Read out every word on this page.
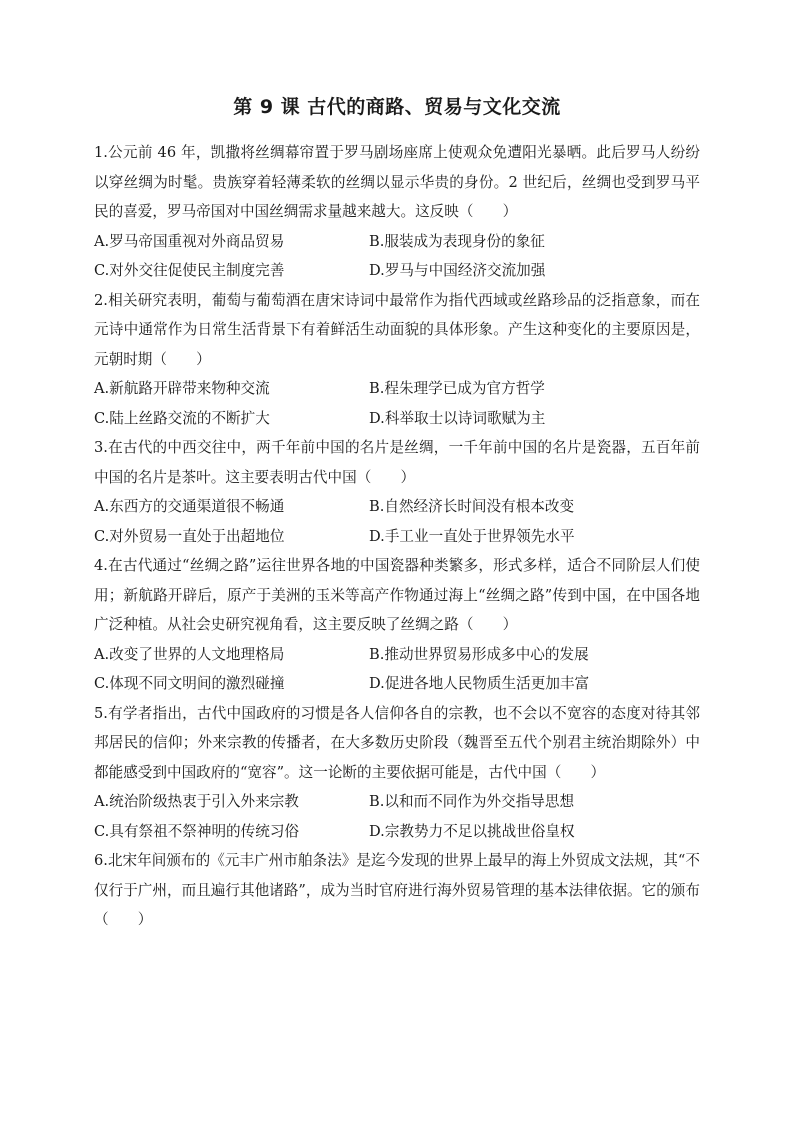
第 9 课 古代的商路、贸易与文化交流

1.公元前 46 年，凯撒将丝绸幕帘置于罗马剧场座席上使观众免遭阳光暴晒。此后罗马人纷纷以穿丝绸为时髦。贵族穿着轻薄柔软的丝绸以显示华贵的身份。2 世纪后，丝绸也受到罗马平民的喜爱，罗马帝国对中国丝绸需求量越来越大。这反映（　　）

A.罗马帝国重视对外商品贸易	B.服装成为表现身份的象征
C.对外交往促使民主制度完善	D.罗马与中国经济交流加强

2.相关研究表明，葡萄与葡萄酒在唐宋诗词中最常作为指代西域或丝路珍品的泛指意象，而在元诗中通常作为日常生活背景下有着鲜活生动面貌的具体形象。产生这种变化的主要原因是，元朝时期（　　）

A.新航路开辟带来物种交流	B.程朱理学已成为官方哲学
C.陆上丝路交流的不断扩大	D.科举取士以诗词歌赋为主

3.在古代的中西交往中，两千年前中国的名片是丝绸，一千年前中国的名片是瓷器，五百年前中国的名片是茶叶。这主要表明古代中国（　　）

A.东西方的交通渠道很不畅通	B.自然经济长时间没有根本改变
C.对外贸易一直处于出超地位	D.手工业一直处于世界领先水平

4.在古代通过“丝绸之路”运往世界各地的中国瓷器种类繁多，形式多样，适合不同阶层人们使用；新航路开辟后，原产于美洲的玉米等高产作物通过海上“丝绸之路”传到中国，在中国各地广泛种植。从社会史研究视角看，这主要反映了丝绸之路（　　）

A.改变了世界的人文地理格局	B.推动世界贸易形成多中心的发展
C.体现不同文明间的激烈碰撞	D.促进各地人民物质生活更加丰富

5.有学者指出，古代中国政府的习惯是各人信仰各自的宗教，也不会以不宽容的态度对待其邻邦居民的信仰；外来宗教的传播者，在大多数历史阶段（魏晋至五代个别君主统治期除外）中都能感受到中国政府的“宽容”。这一论断的主要依据可能是，古代中国（　　）

A.统治阶级热衷于引入外来宗教	B.以和而不同作为外交指导思想
C.具有祭祖不祭神明的传统习俗	D.宗教势力不足以挑战世俗皇权

6.北宋年间颁布的《元丰广州市舶条法》是迄今发现的世界上最早的海上外贸成文法规，其“不仅行于广州，而且遍行其他诸路”，成为当时官府进行海外贸易管理的基本法律依据。它的颁布（　　）
